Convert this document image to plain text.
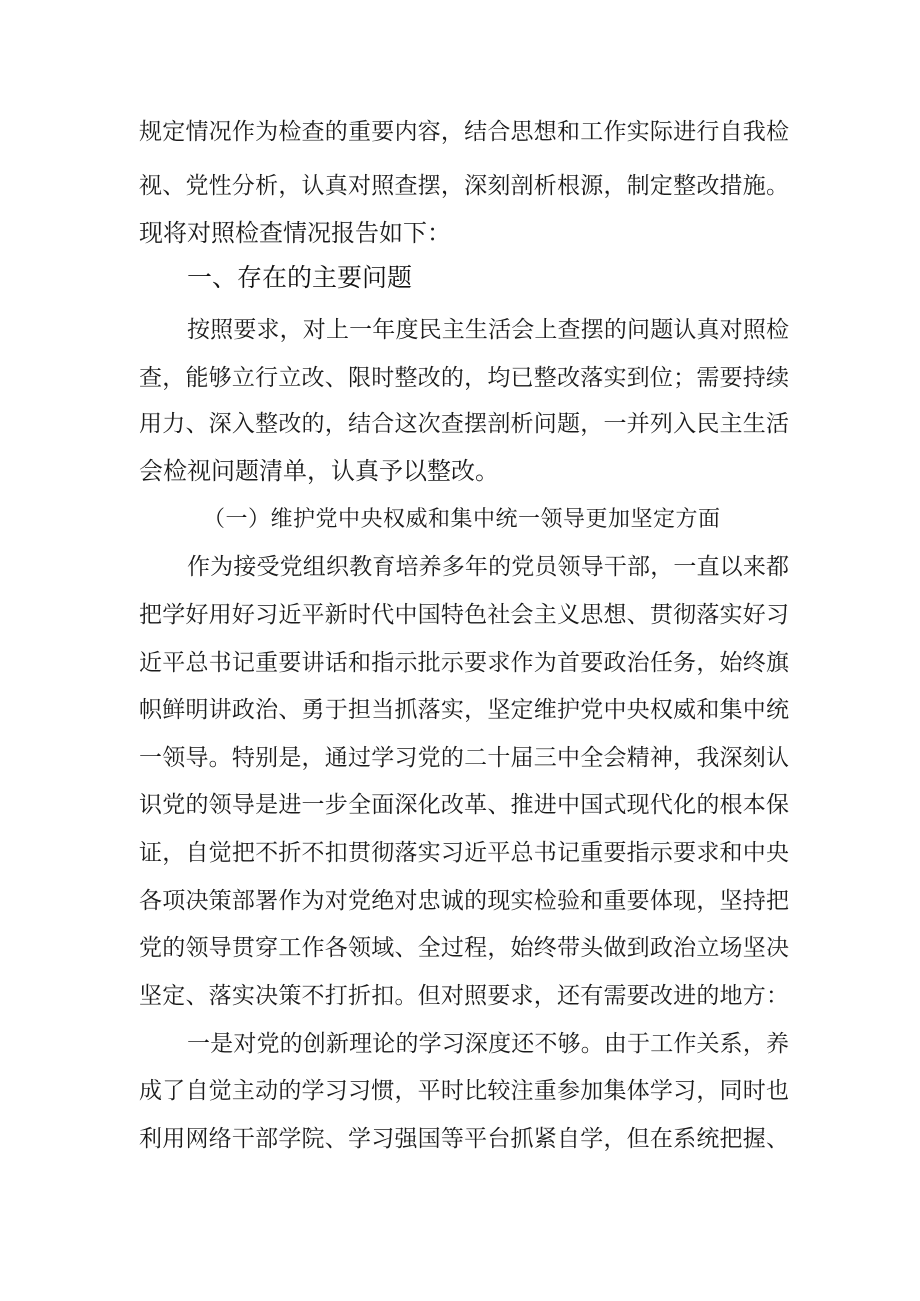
规定情况作为检查的重要内容，结合思想和工作实际进行自我检
视、党性分析，认真对照查摆，深刻剖析根源，制定整改措施。
现将对照检查情况报告如下：
一、存在的主要问题
按照要求，对上一年度民主生活会上查摆的问题认真对照检
查，能够立行立改、限时整改的，均已整改落实到位；需要持续
用力、深入整改的，结合这次查摆剖析问题，一并列入民主生活
会检视问题清单，认真予以整改。
（一）维护党中央权威和集中统一领导更加坚定方面
作为接受党组织教育培养多年的党员领导干部，一直以来都
把学好用好习近平新时代中国特色社会主义思想、贯彻落实好习
近平总书记重要讲话和指示批示要求作为首要政治任务，始终旗
帜鲜明讲政治、勇于担当抓落实，坚定维护党中央权威和集中统
一领导。特别是，通过学习党的二十届三中全会精神，我深刻认
识党的领导是进一步全面深化改革、推进中国式现代化的根本保
证，自觉把不折不扣贯彻落实习近平总书记重要指示要求和中央
各项决策部署作为对党绝对忠诚的现实检验和重要体现，坚持把
党的领导贯穿工作各领域、全过程，始终带头做到政治立场坚决
坚定、落实决策不打折扣。但对照要求，还有需要改进的地方：
一是对党的创新理论的学习深度还不够。由于工作关系，养
成了自觉主动的学习习惯，平时比较注重参加集体学习，同时也
利用网络干部学院、学习强国等平台抓紧自学，但在系统把握、
